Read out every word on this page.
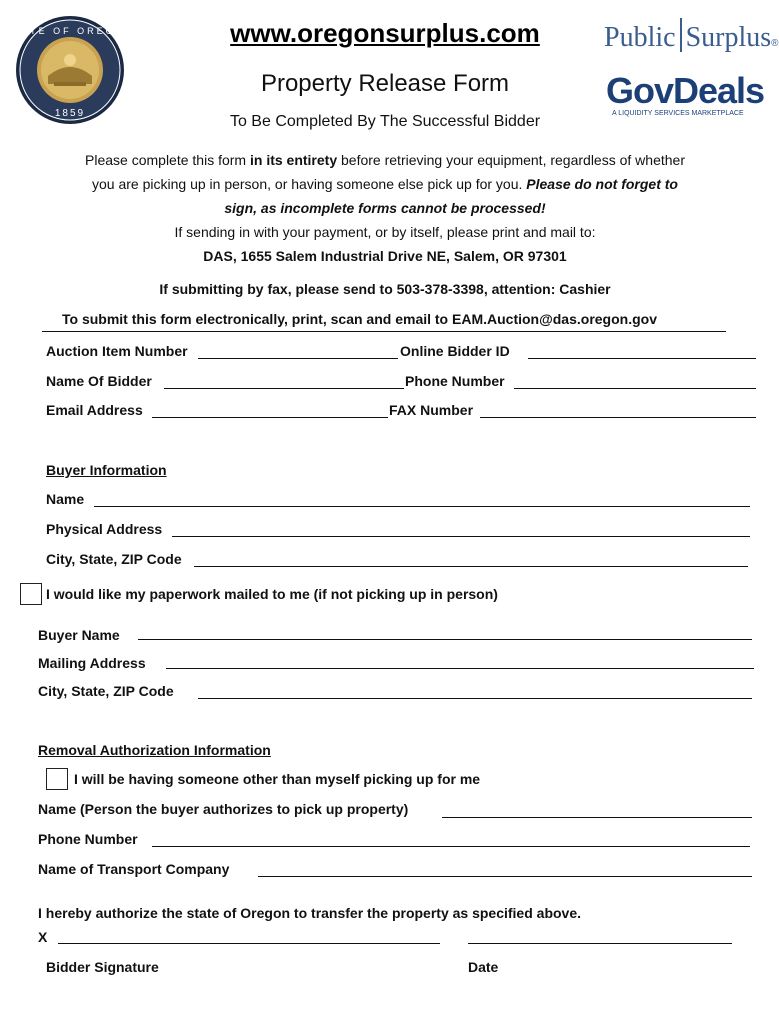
STATE OF OREGON
1859
www.oregonsurplus.com
Property Release Form
To Be Completed By The Successful Bidder
Public Surplus®
GovDeals
A LIQUIDITY SERVICES MARKETPLACE
Please complete this form in its entirety before retrieving your equipment, regardless of whether
you are picking up in person, or having someone else pick up for you. Please do not forget to
sign, as incomplete forms cannot be processed!
If sending in with your payment, or by itself, please print and mail to:
DAS, 1655 Salem Industrial Drive NE, Salem, OR 97301
If submitting by fax, please send to 503-378-3398, attention: Cashier
To submit this form electronically, print, scan and email to EAM.Auction@das.oregon.gov
Auction Item Number	Online Bidder ID
Name Of Bidder	Phone Number
Email Address	FAX Number
Buyer Information
Name
Physical Address
City, State, ZIP Code
I would like my paperwork mailed to me (if not picking up in person)
Buyer Name
Mailing Address
City, State, ZIP Code
Removal Authorization Information
I will be having someone other than myself picking up for me
Name (Person the buyer authorizes to pick up property)
Phone Number
Name of Transport Company
I hereby authorize the state of Oregon to transfer the property as specified above.
X
Bidder Signature	Date
